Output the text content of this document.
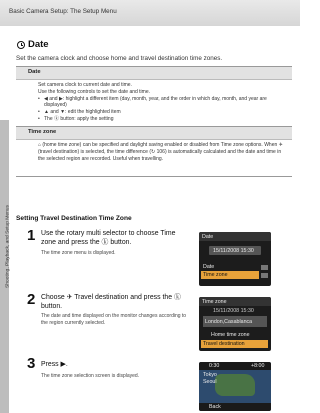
Basic Camera Setup: The Setup Menu
Shooting, Playback, and Setup Menus
Date
Set the camera clock and choose home and travel destination time zones.
Date

Set camera clock to current date and time.

Use the following controls to set the date and time.

• ◀ and ▶: highlight a different item (day, month, year, and the order in which day, month, and year are displayed)
• ▲ and ▼: edit the highlighted item
• The ⓚ button: apply the setting
Time zone
⌂ (home time zone) can be specified and daylight saving enabled or disabled from Time zone options. When ✈ (travel destination) is selected, the time difference (↻ 106) is automatically calculated and the date and time in the selected region are recorded. Useful when travelling.
Setting Travel Destination Time Zone
1 Use the rotary multi selector to choose Time zone and press the ⓚ button.
The time zone menu is displayed.
2 Choose ✈ Travel destination and press the ⓚ button.
The date and time displayed on the monitor changes according to the region currently selected.
3 Press ▶.
The time zone selection screen is displayed.
Date
15/11/2008 15:30
Date
Time zone
Time zone
15/11/2008 15:30
London,Casablanca
Home time zone
Travel destination
0:30	+8:00
Tokyo
Seoul
Back
